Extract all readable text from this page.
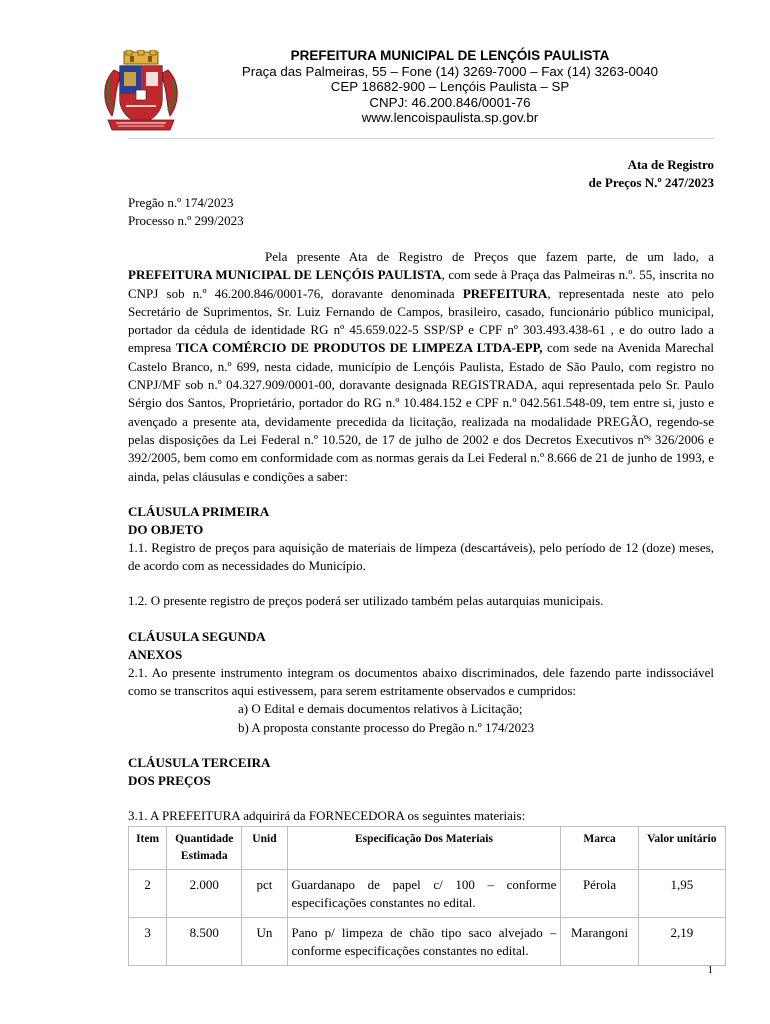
PREFEITURA MUNICIPAL DE LENÇÓIS PAULISTA
Praça das Palmeiras, 55 – Fone (14) 3269-7000 – Fax (14) 3263-0040
CEP 18682-900 – Lençóis Paulista – SP
CNPJ: 46.200.846/0001-76
www.lencoispaulista.sp.gov.br
Ata de Registro
de Preços N.º 247/2023
Pregão n.º 174/2023
Processo n.º 299/2023

Pela presente Ata de Registro de Preços que fazem parte, de um lado, a PREFEITURA MUNICIPAL DE LENÇÓIS PAULISTA, com sede à Praça das Palmeiras n.º. 55, inscrita no CNPJ sob n.º 46.200.846/0001-76, doravante denominada PREFEITURA, representada neste ato pelo Secretário de Suprimentos, Sr. Luiz Fernando de Campos, brasileiro, casado, funcionário público municipal, portador da cédula de identidade RG nº 45.659.022-5 SSP/SP e CPF nº 303.493.438-61 , e do outro lado a empresa TICA COMÉRCIO DE PRODUTOS DE LIMPEZA LTDA-EPP, com sede na Avenida Marechal Castelo Branco, n.º 699, nesta cidade, município de Lençóis Paulista, Estado de São Paulo, com registro no CNPJ/MF sob n.º 04.327.909/0001-00, doravante designada REGISTRADA, aqui representada pelo Sr. Paulo Sérgio dos Santos, Proprietário, portador do RG n.º 10.484.152 e CPF n.º 042.561.548-09, tem entre si, justo e avençado a presente ata, devidamente precedida da licitação, realizada na modalidade PREGÃO, regendo-se pelas disposições da Lei Federal n.º 10.520, de 17 de julho de 2002 e dos Decretos Executivos nºˢ 326/2006 e 392/2005, bem como em conformidade com as normas gerais da Lei Federal n.º 8.666 de 21 de junho de 1993, e ainda, pelas cláusulas e condições a saber:

CLÁUSULA PRIMEIRA

DO OBJETO

1.1. Registro de preços para aquisição de materiais de limpeza (descartáveis), pelo período de 12 (doze) meses, de acordo com as necessidades do Município.

1.2. O presente registro de preços poderá ser utilizado também pelas autarquias municipais.

CLÁUSULA SEGUNDA

ANEXOS

2.1. Ao presente instrumento integram os documentos abaixo discriminados, dele fazendo parte indissociável como se transcritos aqui estivessem, para serem estritamente observados e cumpridos:

a) O Edital e demais documentos relativos à Licitação;

b) A proposta constante processo do Pregão n.º 174/2023

CLÁUSULA TERCEIRA

DOS PREÇOS

3.1. A PREFEITURA adquirirá da FORNECEDORA os seguintes materiais:

Item	Quantidade Estimada	Unid	Especificação Dos Materiais	Marca	Valor unitário
2	2.000	pct	Guardanapo de papel c/ 100 – conforme especificações constantes no edital.	Pérola	1,95
3	8.500	Un	Pano p/ limpeza de chão tipo saco alvejado – conforme especificações constantes no edital.	Marangoni	2,19
1
